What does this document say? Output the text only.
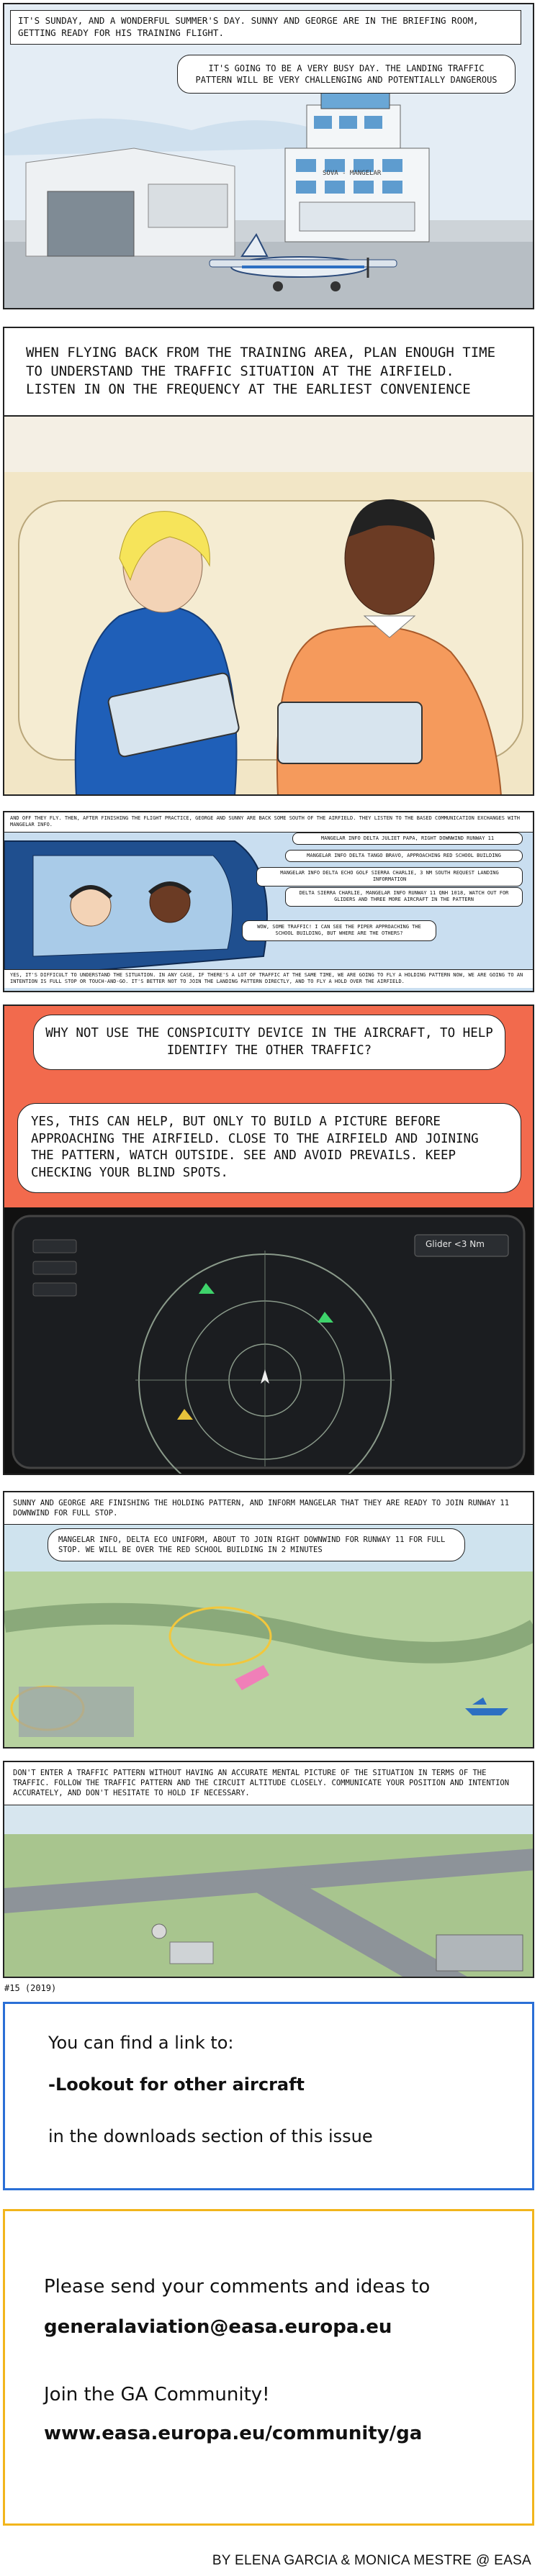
IT'S SUNDAY, AND A WONDERFUL SUMMER'S DAY. SUNNY AND GEORGE ARE IN THE BRIEFING ROOM, GETTING READY FOR HIS TRAINING FLIGHT.
IT'S GOING TO BE A VERY BUSY DAY. THE LANDING TRAFFIC PATTERN WILL BE VERY CHALLENGING AND POTENTIALLY DANGEROUS
SOVA - MANGELAR
WHEN FLYING BACK FROM THE TRAINING AREA, PLAN ENOUGH TIME TO UNDERSTAND THE TRAFFIC SITUATION AT THE AIRFIELD. LISTEN IN ON THE FREQUENCY AT THE EARLIEST CONVENIENCE
AND OFF THEY FLY. THEN, AFTER FINISHING THE FLIGHT PRACTICE, GEORGE AND SUNNY ARE BACK SOME SOUTH OF THE AIRFIELD. THEY LISTEN TO THE BASED COMMUNICATION EXCHANGES WITH MANGELAR INFO.
MANGELAR INFO DELTA JULIET PAPA, RIGHT DOWNWIND RUNWAY 11
MANGELAR INFO DELTA TANGO BRAVO, APPROACHING RED SCHOOL BUILDING
MANGELAR INFO DELTA ECHO GOLF SIERRA CHARLIE, 3 NM SOUTH REQUEST LANDING INFORMATION
DELTA SIERRA CHARLIE, MANGELAR INFO RUNWAY 11 QNH 1018, WATCH OUT FOR GLIDERS AND THREE MORE AIRCRAFT IN THE PATTERN
WOW, SOME TRAFFIC! I CAN SEE THE PIPER APPROACHING THE SCHOOL BUILDING, BUT WHERE ARE THE OTHERS?
YES, IT'S DIFFICULT TO UNDERSTAND THE SITUATION. IN ANY CASE, IF THERE'S A LOT OF TRAFFIC AT THE SAME TIME, WE ARE GOING TO FLY A HOLDING PATTERN NOW, WE ARE GOING TO AN INTENTION IS FULL STOP OR TOUCH-AND-GO. IT'S BETTER NOT TO JOIN THE LANDING PATTERN DIRECTLY, AND TO FLY A HOLD OVER THE AIRFIELD.
WHY NOT USE THE CONSPICUITY DEVICE IN THE AIRCRAFT, TO HELP IDENTIFY THE OTHER TRAFFIC?
YES, THIS CAN HELP, BUT ONLY TO BUILD A PICTURE BEFORE APPROACHING THE AIRFIELD. CLOSE TO THE AIRFIELD AND JOINING THE PATTERN, WATCH OUTSIDE. SEE AND AVOID PREVAILS. KEEP CHECKING YOUR BLIND SPOTS.
Glider <3 Nm
SUNNY AND GEORGE ARE FINISHING THE HOLDING PATTERN, AND INFORM MANGELAR THAT THEY ARE READY TO JOIN RUNWAY 11 DOWNWIND FOR FULL STOP.
MANGELAR INFO, DELTA ECO UNIFORM, ABOUT TO JOIN RIGHT DOWNWIND FOR RUNWAY 11 FOR FULL STOP. WE WILL BE OVER THE RED SCHOOL BUILDING IN 2 MINUTES
DON'T ENTER A TRAFFIC PATTERN WITHOUT HAVING AN ACCURATE MENTAL PICTURE OF THE SITUATION IN TERMS OF THE TRAFFIC. FOLLOW THE TRAFFIC PATTERN AND THE CIRCUIT ALTITUDE CLOSELY. COMMUNICATE YOUR POSITION AND INTENTION ACCURATELY, AND DON'T HESITATE TO HOLD IF NECESSARY.
#15 (2019)
You can find a link to:
-Lookout for other aircraft
in the downloads section of this issue
Please send your comments and ideas to
generalaviation@easa.europa.eu
Join the GA Community!
www.easa.europa.eu/community/ga
BY ELENA GARCIA & MONICA MESTRE @ EASA
